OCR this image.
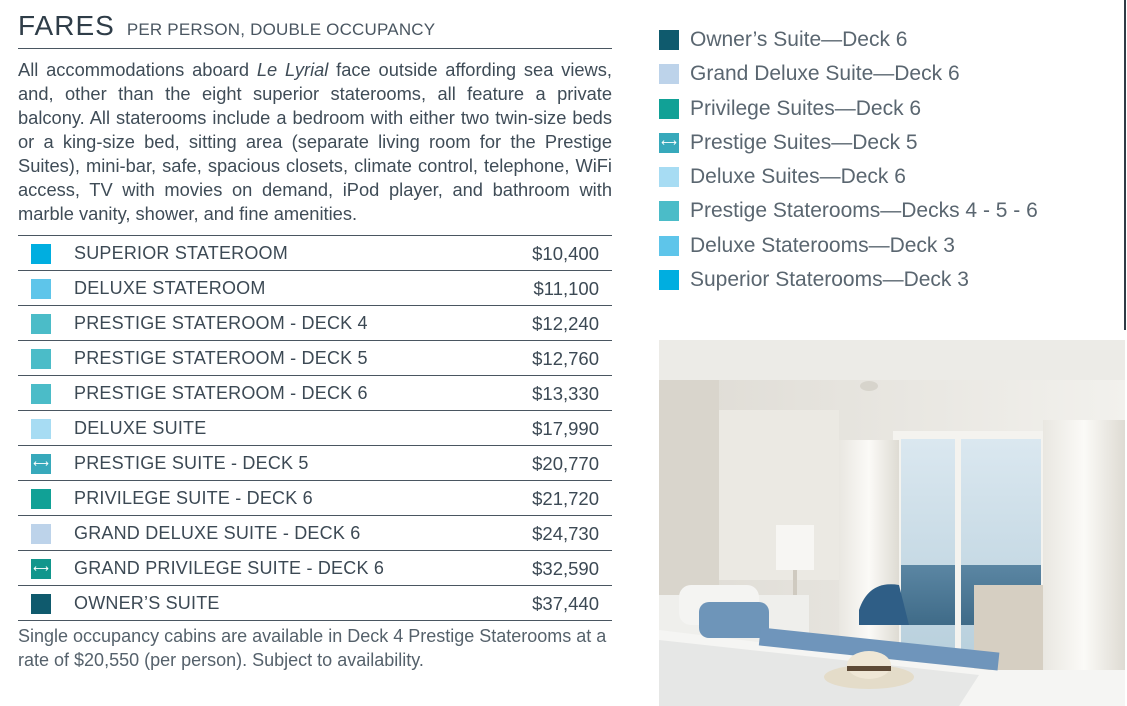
FARES PER PERSON, DOUBLE OCCUPANCY
All accommodations aboard Le Lyrial face outside affording sea views, and, other than the eight superior staterooms, all feature a private balcony. All staterooms include a bedroom with either two twin-size beds or a king-size bed, sitting area (separate living room for the Prestige Suites), mini-bar, safe, spacious closets, climate control, telephone, WiFi access, TV with movies on demand, iPod player, and bathroom with marble vanity, shower, and fine amenities.
SUPERIOR STATEROOM	$10,400
DELUXE STATEROOM	$11,100
PRESTIGE STATEROOM - DECK 4	$12,240
PRESTIGE STATEROOM - DECK 5	$12,760
PRESTIGE STATEROOM - DECK 6	$13,330
DELUXE SUITE	$17,990
⟷ PRESTIGE SUITE - DECK 5	$20,770
PRIVILEGE SUITE - DECK 6	$21,720
GRAND DELUXE SUITE - DECK 6	$24,730
⟷ GRAND PRIVILEGE SUITE - DECK 6	$32,590
OWNER’S SUITE	$37,440
Single occupancy cabins are available in Deck 4 Prestige Staterooms at a rate of $20,550 (per person). Subject to availability.
Owner’s Suite—Deck 6
Grand Deluxe Suite—Deck 6
Privilege Suites—Deck 6
⟷ Prestige Suites—Deck 5
Deluxe Suites—Deck 6
Prestige Staterooms—Decks 4 - 5 - 6
Deluxe Staterooms—Deck 3
Superior Staterooms—Deck 3
